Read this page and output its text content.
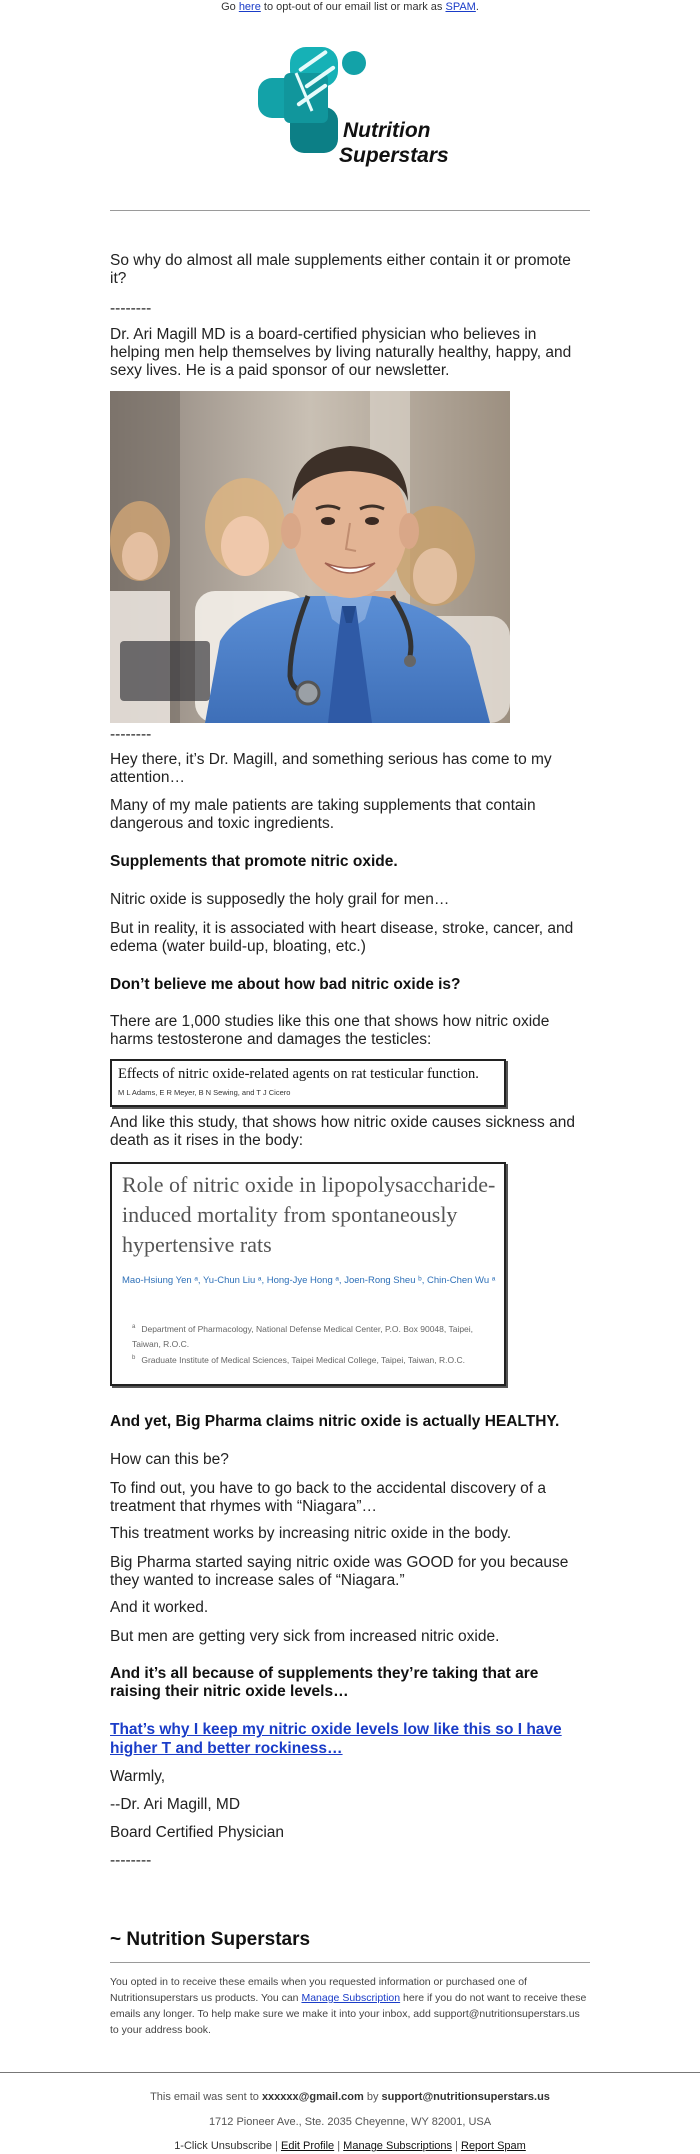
Go here to opt-out of our email list or mark as SPAM.
Nutrition
Superstars

So why do almost all male supplements either contain it or promote it?

--------

Dr. Ari Magill MD is a board-certified physician who believes in helping men help themselves by living naturally healthy, happy, and sexy lives. He is a paid sponsor of our newsletter.

--------

Hey there, it’s Dr. Magill, and something serious has come to my attention…

Many of my male patients are taking supplements that contain dangerous and toxic ingredients.

Supplements that promote nitric oxide.

Nitric oxide is supposedly the holy grail for men…

But in reality, it is associated with heart disease, stroke, cancer, and edema (water build-up, bloating, etc.)

Don’t believe me about how bad nitric oxide is?

There are 1,000 studies like this one that shows how nitric oxide harms testosterone and damages the testicles:

Effects of nitric oxide-related agents on rat testicular function.
M L Adams, E R Meyer, B N Sewing, and T J Cicero

And like this study, that shows how nitric oxide causes sickness and death as it rises in the body:

Role of nitric oxide in lipopolysaccharide-induced mortality from spontaneously hypertensive rats
Mao-Hsiung Yen ᵃ, Yu-Chun Liu ᵃ, Hong-Jye Hong ᵃ, Joen-Rong Sheu ᵇ, Chin-Chen Wu ᵃ
$^a$ Department of Pharmacology, National Defense Medical Center, P.O. Box 90048, Taipei, Taiwan, R.O.C.
$^b$ Graduate Institute of Medical Sciences, Taipei Medical College, Taipei, Taiwan, R.O.C.

And yet, Big Pharma claims nitric oxide is actually HEALTHY.

How can this be?

To find out, you have to go back to the accidental discovery of a treatment that rhymes with “Niagara”…

This treatment works by increasing nitric oxide in the body.

Big Pharma started saying nitric oxide was GOOD for you because they wanted to increase sales of “Niagara.”

And it worked.

But men are getting very sick from increased nitric oxide.

And it’s all because of supplements they’re taking that are raising their nitric oxide levels…

That’s why I keep my nitric oxide levels low like this so I have higher T and better rockiness…

Warmly,

--Dr. Ari Magill, MD

Board Certified Physician

--------

~ Nutrition Superstars
You opted in to receive these emails when you requested information or purchased one of Nutritionsuperstars us products. You can Manage Subscription here if you do not want to receive these emails any longer. To help make sure we make it into your inbox, add support@nutritionsuperstars.us to your address book.
This email was sent to xxxxxx@gmail.com by support@nutritionsuperstars.us
1712 Pioneer Ave., Ste. 2035 Cheyenne, WY 82001, USA
1-Click Unsubscribe | Edit Profile | Manage Subscriptions | Report Spam
